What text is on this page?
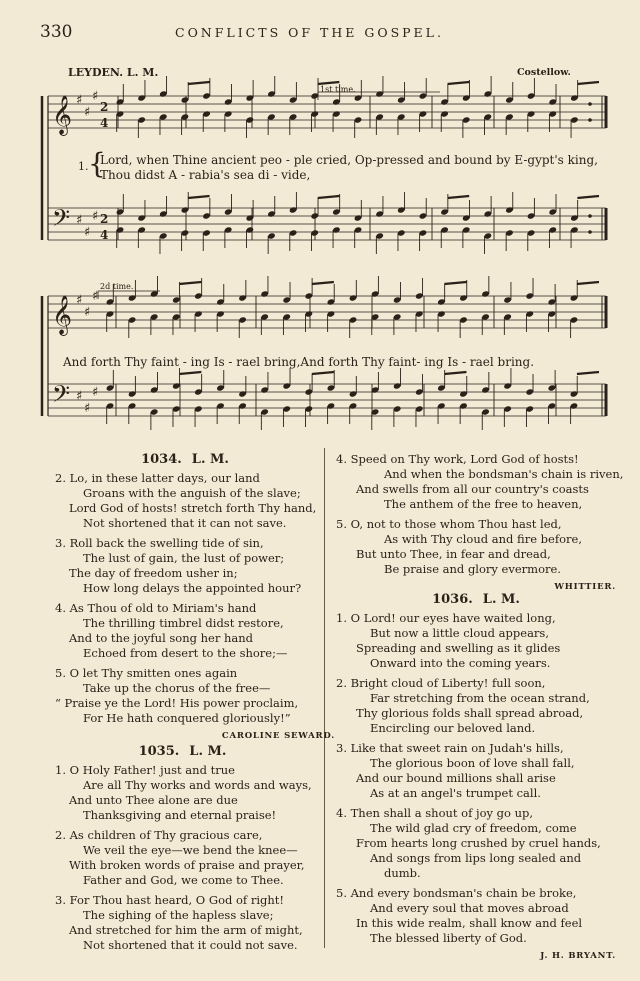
330	CONFLICTS OF THE GOSPEL.
𝄞
𝄢
♯
♯
♯
♯
♯
♯
2
4
2
4
𝄞
𝄢
♯
♯
♯
♯
♯
♯
LEYDEN. L. M.	Costellow.
1st time.
2d time.
1. {
Lord, when Thine ancient peo - ple cried, Op-pressed and bound by E-gypt's king,
Thou didst A - rabia's sea di - vide,
And forth Thy faint - ing Is - rael bring,And forth Thy faint- ing Is - rael bring.
1034. L. M.
2. Lo, in these latter days, our land
Groans with the anguish of the slave;
Lord God of hosts! stretch forth Thy hand,
Not shortened that it can not save.
3. Roll back the swelling tide of sin,
The lust of gain, the lust of power;
The day of freedom usher in;
How long delays the appointed hour?
4. As Thou of old to Miriam's hand
The thrilling timbrel didst restore,
And to the joyful song her hand
Echoed from desert to the shore;—
5. O let Thy smitten ones again
Take up the chorus of the free—
“ Praise ye the Lord! His power proclaim,
For He hath conquered gloriously!”
CAROLINE SEWARD.
1035. L. M.
1. O Holy Father! just and true
Are all Thy works and words and ways,
And unto Thee alone are due
Thanksgiving and eternal praise!
2. As children of Thy gracious care,
We veil the eye—we bend the knee—
With broken words of praise and prayer,
Father and God, we come to Thee.
3. For Thou hast heard, O God of right!
The sighing of the hapless slave;
And stretched for him the arm of might,
Not shortened that it could not save.
4. Speed on Thy work, Lord God of hosts!
And when the bondsman's chain is riven,
And swells from all our country's coasts
The anthem of the free to heaven,
5. O, not to those whom Thou hast led,
As with Thy cloud and fire before,
But unto Thee, in fear and dread,
Be praise and glory evermore.
WHITTIER.
1036. L. M.
1. O Lord! our eyes have waited long,
But now a little cloud appears,
Spreading and swelling as it glides
Onward into the coming years.
2. Bright cloud of Liberty! full soon,
Far stretching from the ocean strand,
Thy glorious folds shall spread abroad,
Encircling our beloved land.
3. Like that sweet rain on Judah's hills,
The glorious boon of love shall fall,
And our bound millions shall arise
As at an angel's trumpet call.
4. Then shall a shout of joy go up,
The wild glad cry of freedom, come
From hearts long crushed by cruel hands,
And songs from lips long sealed and
dumb.
5. And every bondsman's chain be broke,
And every soul that moves abroad
In this wide realm, shall know and feel
The blessed liberty of God.
J. H. BRYANT.
